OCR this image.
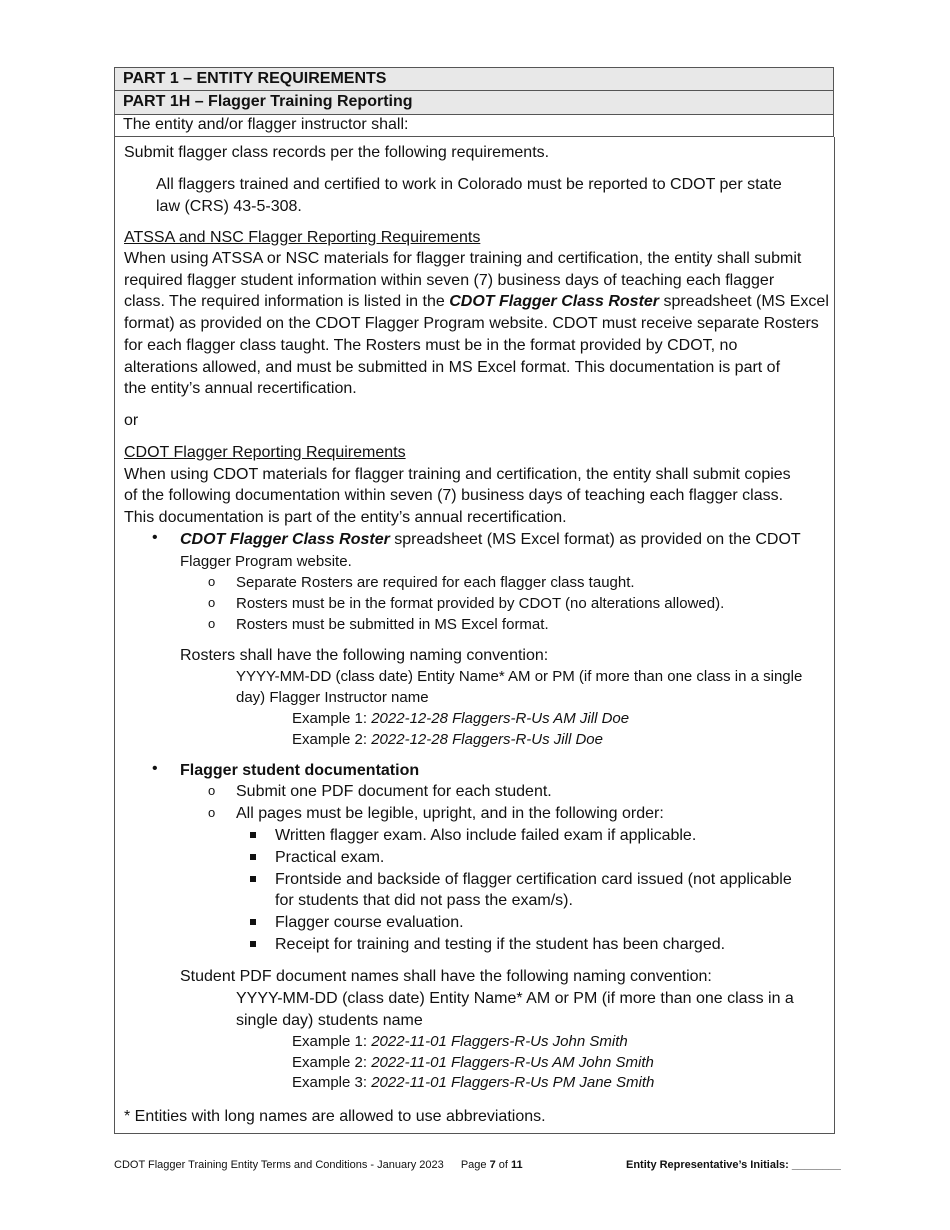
PART 1 – ENTITY REQUIREMENTS
PART 1H – Flagger Training Reporting
The entity and/or flagger instructor shall:
Submit flagger class records per the following requirements.
All flaggers trained and certified to work in Colorado must be reported to CDOT per state
law (CRS) 43-5-308.
ATSSA and NSC Flagger Reporting Requirements
When using ATSSA or NSC materials for flagger training and certification, the entity shall submit
required flagger student information within seven (7) business days of teaching each flagger
class. The required information is listed in the CDOT Flagger Class Roster spreadsheet (MS Excel
format) as provided on the CDOT Flagger Program website. CDOT must receive separate Rosters
for each flagger class taught. The Rosters must be in the format provided by CDOT, no
alterations allowed, and must be submitted in MS Excel format. This documentation is part of
the entity’s annual recertification.
or
CDOT Flagger Reporting Requirements
When using CDOT materials for flagger training and certification, the entity shall submit copies
of the following documentation within seven (7) business days of teaching each flagger class.
This documentation is part of the entity’s annual recertification.
• CDOT Flagger Class Roster spreadsheet (MS Excel format) as provided on the CDOT
Flagger Program website.
o Separate Rosters are required for each flagger class taught.
o Rosters must be in the format provided by CDOT (no alterations allowed).
o Rosters must be submitted in MS Excel format.
Rosters shall have the following naming convention:
YYYY-MM-DD (class date) Entity Name* AM or PM (if more than one class in a single
day) Flagger Instructor name
Example 1: 2022-12-28 Flaggers-R-Us AM Jill Doe
Example 2: 2022-12-28 Flaggers-R-Us Jill Doe
• Flagger student documentation
o Submit one PDF document for each student.
o All pages must be legible, upright, and in the following order:
Written flagger exam. Also include failed exam if applicable.
Practical exam.
Frontside and backside of flagger certification card issued (not applicable
for students that did not pass the exam/s).
Flagger course evaluation.
Receipt for training and testing if the student has been charged.
Student PDF document names shall have the following naming convention:
YYYY-MM-DD (class date) Entity Name* AM or PM (if more than one class in a
single day) students name
Example 1: 2022-11-01 Flaggers-R-Us John Smith
Example 2: 2022-11-01 Flaggers-R-Us AM John Smith
Example 3: 2022-11-01 Flaggers-R-Us PM Jane Smith
* Entities with long names are allowed to use abbreviations.
CDOT Flagger Training Entity Terms and Conditions - January 2023 Page 7 of 11	Entity Representative’s Initials: ________
